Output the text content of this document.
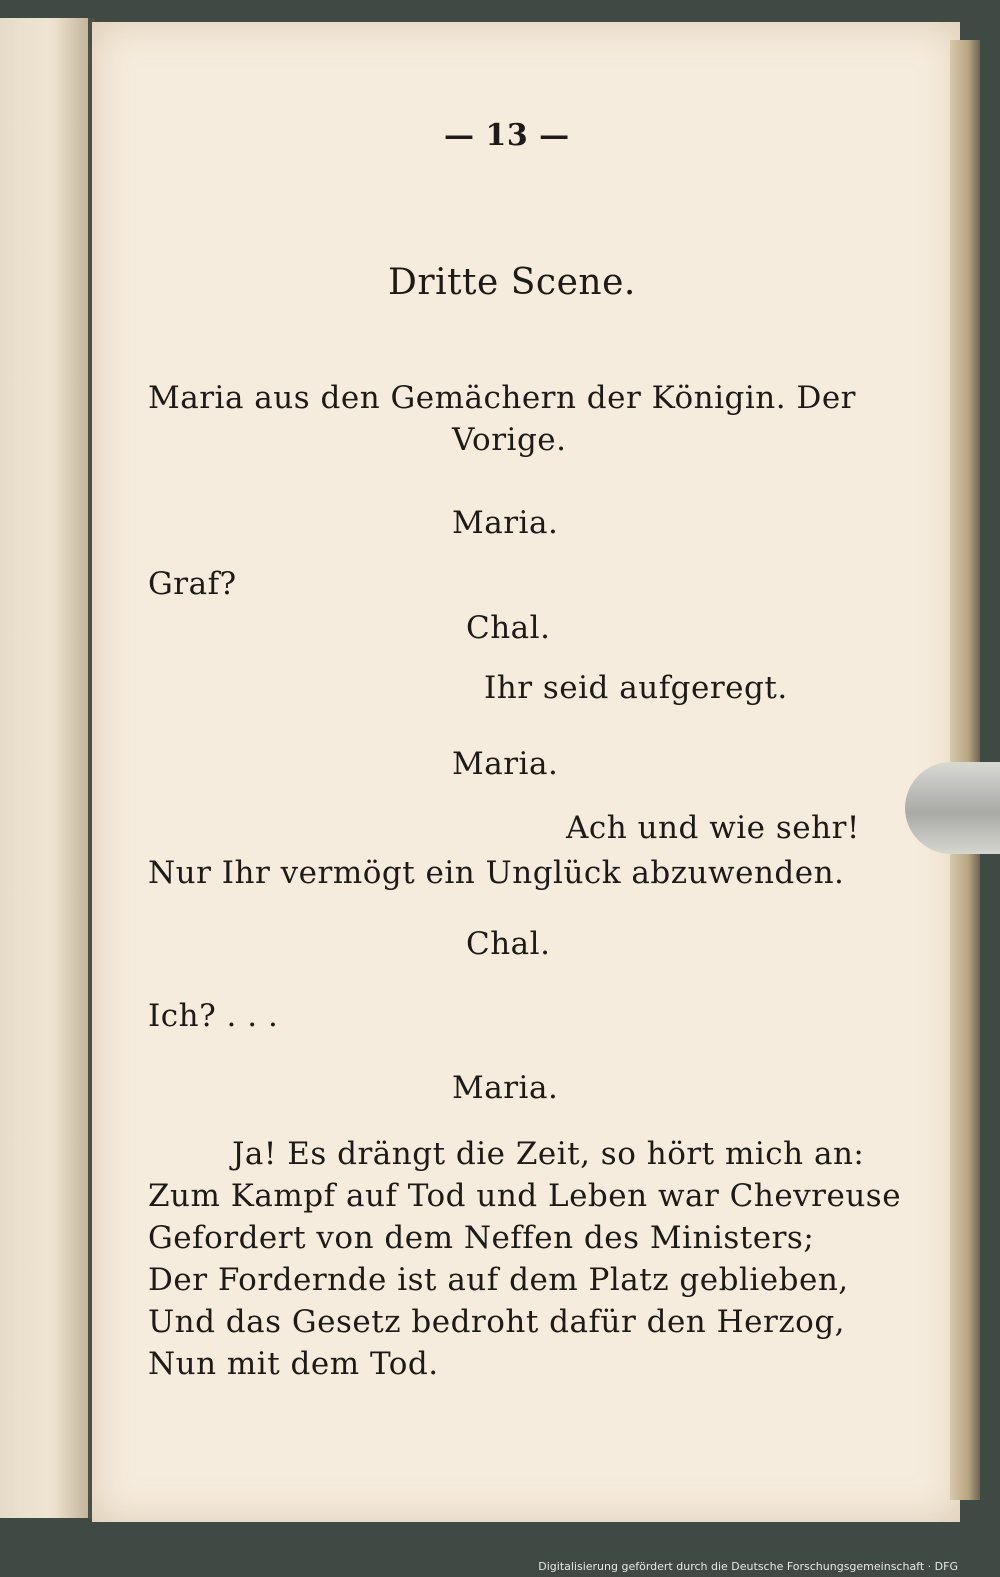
— 13 —

Dritte Scene.

Maria aus den Gemächern der Königin. Der

Vorige.

Maria.

Graf?

Chal.

Ihr seid aufgeregt.

Maria.

Ach und wie sehr!

Nur Ihr vermögt ein Unglück abzuwenden.

Chal.

Ich? . . .

Maria.

Ja! Es drängt die Zeit, so hört mich an:

Zum Kampf auf Tod und Leben war Chevreuse

Gefordert von dem Neffen des Ministers;

Der Fordernde ist auf dem Platz geblieben,

Und das Gesetz bedroht dafür den Herzog,

Nun mit dem Tod.

Digitalisierung gefördert durch die Deutsche Forschungsgemeinschaft · DFG
